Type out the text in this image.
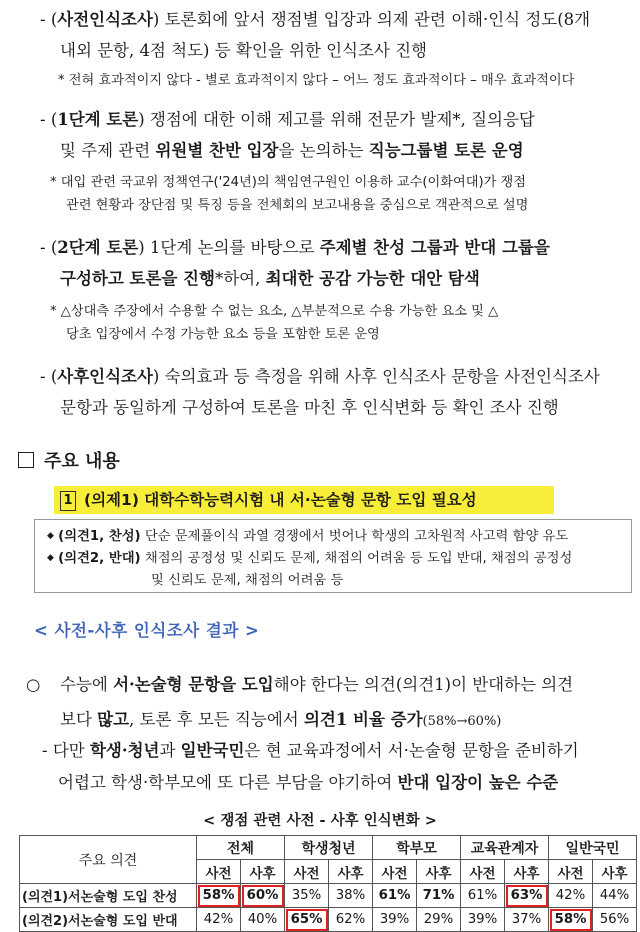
- (사전인식조사) 토론회에 앞서 쟁점별 입장과 의제 관련 이해·인식 정도(8개
내외 문항, 4점 척도) 등 확인을 위한 인식조사 진행
* 전혀 효과적이지 않다 - 별로 효과적이지 않다 – 어느 정도 효과적이다 – 매우 효과적이다
- (1단계 토론) 쟁점에 대한 이해 제고를 위해 전문가 발제*, 질의응답
및 주제 관련 위원별 찬반 입장을 논의하는 직능그룹별 토론 운영
* 대입 관련 국교위 정책연구('24년)의 책임연구원인 이용하 교수(이화여대)가 쟁점
관련 현황과 장단점 및 특징 등을 전체회의 보고내용을 중심으로 객관적으로 설명
- (2단계 토론) 1단계 논의를 바탕으로 주제별 찬성 그룹과 반대 그룹을
구성하고 토론을 진행*하여, 최대한 공감 가능한 대안 탐색
* △상대측 주장에서 수용할 수 없는 요소, △부분적으로 수용 가능한 요소 및 △
당초 입장에서 수정 가능한 요소 등을 포함한 토론 운영
- (사후인식조사) 숙의효과 등 측정을 위해 사후 인식조사 문항을 사전인식조사
문항과 동일하게 구성하여 토론을 마친 후 인식변화 등 확인 조사 진행
주요 내용
1 (의제1) 대학수학능력시험 내 서·논술형 문항 도입 필요성
◆ (의견1, 찬성) 단순 문제풀이식 과열 경쟁에서 벗어나 학생의 고차원적 사고력 함양 유도
◆ (의견2, 반대) 채점의 공정성 및 신뢰도 문제, 채점의 어려움 등 도입 반대, 채점의 공정성
및 신뢰도 문제, 채점의 어려움 등
< 사전-사후 인식조사 결과 >
○	수능에 서·논술형 문항을 도입해야 한다는 의견(의견1)이 반대하는 의견
보다 많고, 토론 후 모든 직능에서 의견1 비율 증가(58%→60%)
- 다만 학생·청년과 일반국민은 현 교육과정에서 서·논술형 문항을 준비하기
어렵고 학생·학부모에 또 다른 부담을 야기하여 반대 입장이 높은 수준
< 쟁점 관련 사전 - 사후 인식변화 >
주요 의견	전체		학생청년		학부모		교육관계자		일반국민	
	사전	사후	사전	사후	사전	사후	사전	사후	사전	사후
(의견1)서논술형 도입 찬성	58%	60%	35%	38%	61%	71%	61%	63%	42%	44%
(의견2)서논술형 도입 반대	42%	40%	65%	62%	39%	29%	39%	37%	58%	56%
